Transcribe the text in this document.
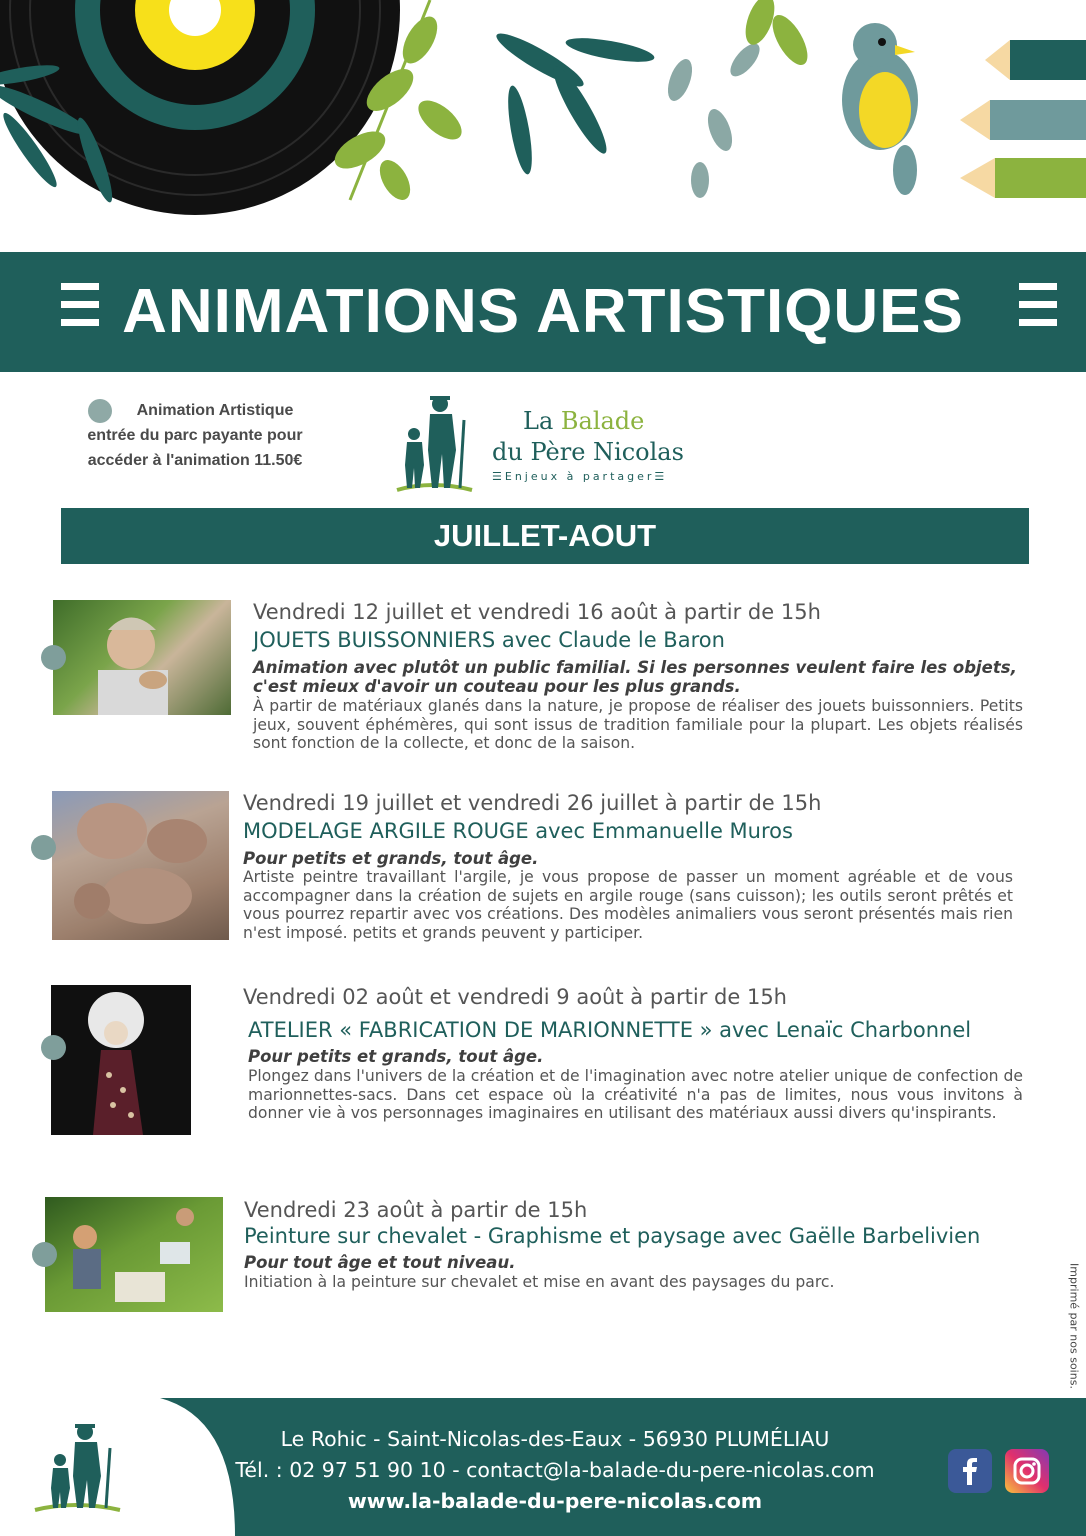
ANIMATIONS ARTISTIQUES
Animation Artistique
entrée du parc payante pour
accéder à l'animation 11.50€
La Balade
du Père Nicolas
☰Enjeux à partager☰
JUILLET-AOUT
Vendredi 12 juillet et vendredi 16 août à partir de 15h
JOUETS BUISSONNIERS avec Claude le Baron
Animation avec plutôt un public familial. Si les personnes veulent faire les objets, c'est mieux d'avoir un couteau pour les plus grands.
À partir de matériaux glanés dans la nature, je propose de réaliser des jouets buissonniers. Petits jeux, souvent éphémères, qui sont issus de tradition familiale pour la plupart. Les objets réalisés sont fonction de la collecte, et donc de la saison.
Vendredi 19 juillet et vendredi 26 juillet à partir de 15h
MODELAGE ARGILE ROUGE avec Emmanuelle Muros
Pour petits et grands, tout âge.
Artiste peintre travaillant l'argile, je vous propose de passer un moment agréable et de vous accompagner dans la création de sujets en argile rouge (sans cuisson); les outils seront prêtés et vous pourrez repartir avec vos créations. Des modèles animaliers vous seront présentés mais rien n'est imposé. petits et grands peuvent y participer.
Vendredi 02 août et vendredi 9 août à partir de 15h
ATELIER « FABRICATION DE MARIONNETTE » avec Lenaïc Charbonnel
Pour petits et grands, tout âge.
Plongez dans l'univers de la création et de l'imagination avec notre atelier unique de confection de marionnettes-sacs. Dans cet espace où la créativité n'a pas de limites, nous vous invitons à donner vie à vos personnages imaginaires en utilisant des matériaux aussi divers qu'inspirants.
Vendredi 23 août à partir de 15h
Peinture sur chevalet - Graphisme et paysage avec Gaëlle Barbelivien
Pour tout âge et tout niveau.
Initiation à la peinture sur chevalet et mise en avant des paysages du parc.	Imprimé par nos soins.
Le Rohic - Saint-Nicolas-des-Eaux - 56930 PLUMÉLIAU
Tél. : 02 97 51 90 10 - contact@la-balade-du-pere-nicolas.com
www.la-balade-du-pere-nicolas.com
